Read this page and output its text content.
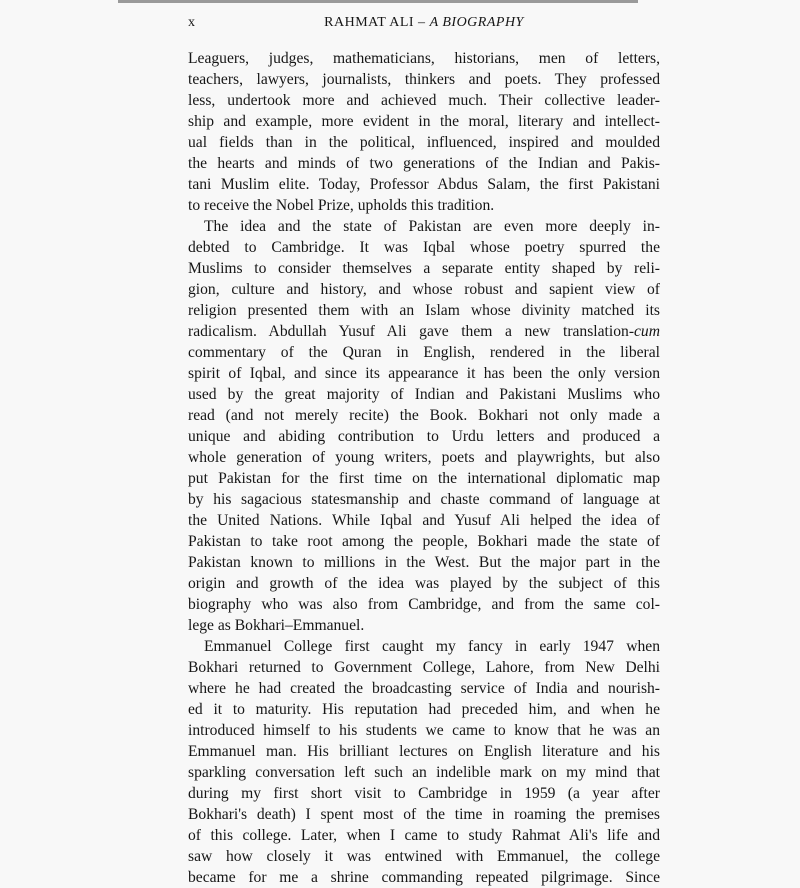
x	RAHMAT ALI – A BIOGRAPHY

Leaguers, judges, mathematicians, historians, men of letters,
teachers, lawyers, journalists, thinkers and poets. They professed
less, undertook more and achieved much. Their collective leader-
ship and example, more evident in the moral, literary and intellect-
ual fields than in the political, influenced, inspired and moulded
the hearts and minds of two generations of the Indian and Pakis-
tani Muslim elite. Today, Professor Abdus Salam, the first Pakistani
to receive the Nobel Prize, upholds this tradition.

The idea and the state of Pakistan are even more deeply in-
debted to Cambridge. It was Iqbal whose poetry spurred the
Muslims to consider themselves a separate entity shaped by reli-
gion, culture and history, and whose robust and sapient view of
religion presented them with an Islam whose divinity matched its
radicalism. Abdullah Yusuf Ali gave them a new translation-cum
commentary of the Quran in English, rendered in the liberal
spirit of Iqbal, and since its appearance it has been the only version
used by the great majority of Indian and Pakistani Muslims who
read (and not merely recite) the Book. Bokhari not only made a
unique and abiding contribution to Urdu letters and produced a
whole generation of young writers, poets and playwrights, but also
put Pakistan for the first time on the international diplomatic map
by his sagacious statesmanship and chaste command of language at
the United Nations. While Iqbal and Yusuf Ali helped the idea of
Pakistan to take root among the people, Bokhari made the state of
Pakistan known to millions in the West. But the major part in the
origin and growth of the idea was played by the subject of this
biography who was also from Cambridge, and from the same col-
lege as Bokhari–Emmanuel.

Emmanuel College first caught my fancy in early 1947 when
Bokhari returned to Government College, Lahore, from New Delhi
where he had created the broadcasting service of India and nourish-
ed it to maturity. His reputation had preceded him, and when he
introduced himself to his students we came to know that he was an
Emmanuel man. His brilliant lectures on English literature and his
sparkling conversation left such an indelible mark on my mind that
during my first short visit to Cambridge in 1959 (a year after
Bokhari's death) I spent most of the time in roaming the premises
of this college. Later, when I came to study Rahmat Ali's life and
saw how closely it was entwined with Emmanuel, the college
became for me a shrine commanding repeated pilgrimage. Since
